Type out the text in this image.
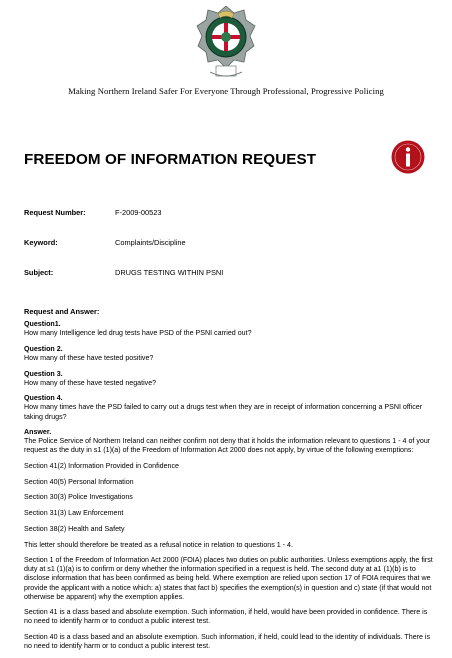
Making Northern Ireland Safer For Everyone Through Professional, Progressive Policing
FREEDOM OF INFORMATION REQUEST
Request Number:	F-2009-00523
Keyword:	Complaints/Discipline
Subject:	DRUGS TESTING WITHIN PSNI
Request and Answer:

Question1.
How many Intelligence led drug tests have PSD of the PSNI carried out?

Question 2.
How many of these have tested positive?

Question 3.
How many of these have tested negative?

Question 4.
How many times have the PSD failed to carry out a drugs test when they are in receipt of information concerning a PSNI officer taking drugs?

Answer.
The Police Service of Northern Ireland can neither confirm not deny that it holds the information relevant to questions 1 - 4 of your request as the duty in s1 (1)(a) of the Freedom of Information Act 2000 does not apply, by virtue of the following exemptions:

Section 41(2) Information Provided in Confidence

Section 40(5) Personal Information

Section 30(3) Police Investigations

Section 31(3) Law Enforcement

Section 38(2) Health and Safety

This letter should therefore be treated as a refusal notice in relation to questions 1 - 4.

Section 1 of the Freedom of Information Act 2000 (FOIA) places two duties on public authorities. Unless exemptions apply, the first duty at s1 (1)(a) is to confirm or deny whether the information specified in a request is held. The second duty at a1 (1)(b) is to disclose information that has been confirmed as being held. Where exemption are relied upon section 17 of FOIA requires that we provide the applicant with a notice which: a) states that fact b) specifies the exemption(s) in question and c) state (if that would not otherwise be apparent) why the exemption applies.

Section 41 is a class based and absolute exemption. Such information, if held, would have been provided in confidence. There is no need to identify harm or to conduct a public interest test.

Section 40 is a class based and an absolute exemption. Such information, if held, could lead to the identity of individuals. There is no need to identify harm or to conduct a public interest test.
